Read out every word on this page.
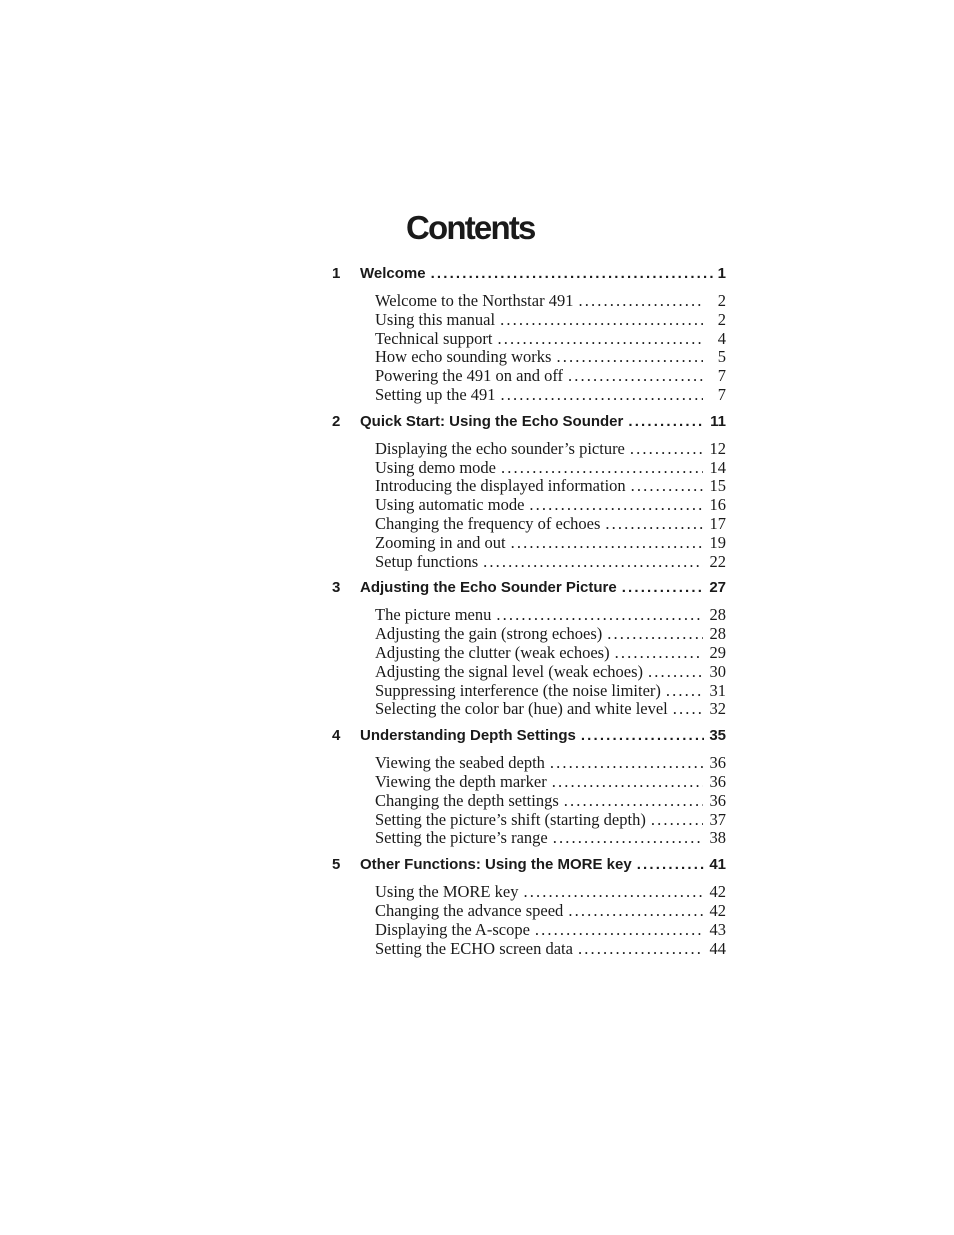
Contents
1	Welcome . . .	1
Welcome to the Northstar 491 . . .	2
Using this manual . . .	2
Technical support . . .	4
How echo sounding works . . .	5
Powering the 491 on and off . . .	7
Setting up the 491 . . .	7
2	Quick Start: Using the Echo Sounder . . .	11
Displaying the echo sounder’s picture . . .	12
Using demo mode . . .	14
Introducing the displayed information . . .	15
Using automatic mode . . .	16
Changing the frequency of echoes . . .	17
Zooming in and out . . .	19
Setup functions . . .	22
3	Adjusting the Echo Sounder Picture . . .	27
The picture menu . . .	28
Adjusting the gain (strong echoes) . . .	28
Adjusting the clutter (weak echoes) . . .	29
Adjusting the signal level (weak echoes) . . .	30
Suppressing interference (the noise limiter) . . .	31
Selecting the color bar (hue) and white level . . .	32
4	Understanding Depth Settings . . .	35
Viewing the seabed depth . . .	36
Viewing the depth marker . . .	36
Changing the depth settings . . .	36
Setting the picture’s shift (starting depth) . . .	37
Setting the picture’s range . . .	38
5	Other Functions: Using the MORE key . . .	41
Using the MORE key . . .	42
Changing the advance speed . . .	42
Displaying the A-scope . . .	43
Setting the ECHO screen data . . .	44
